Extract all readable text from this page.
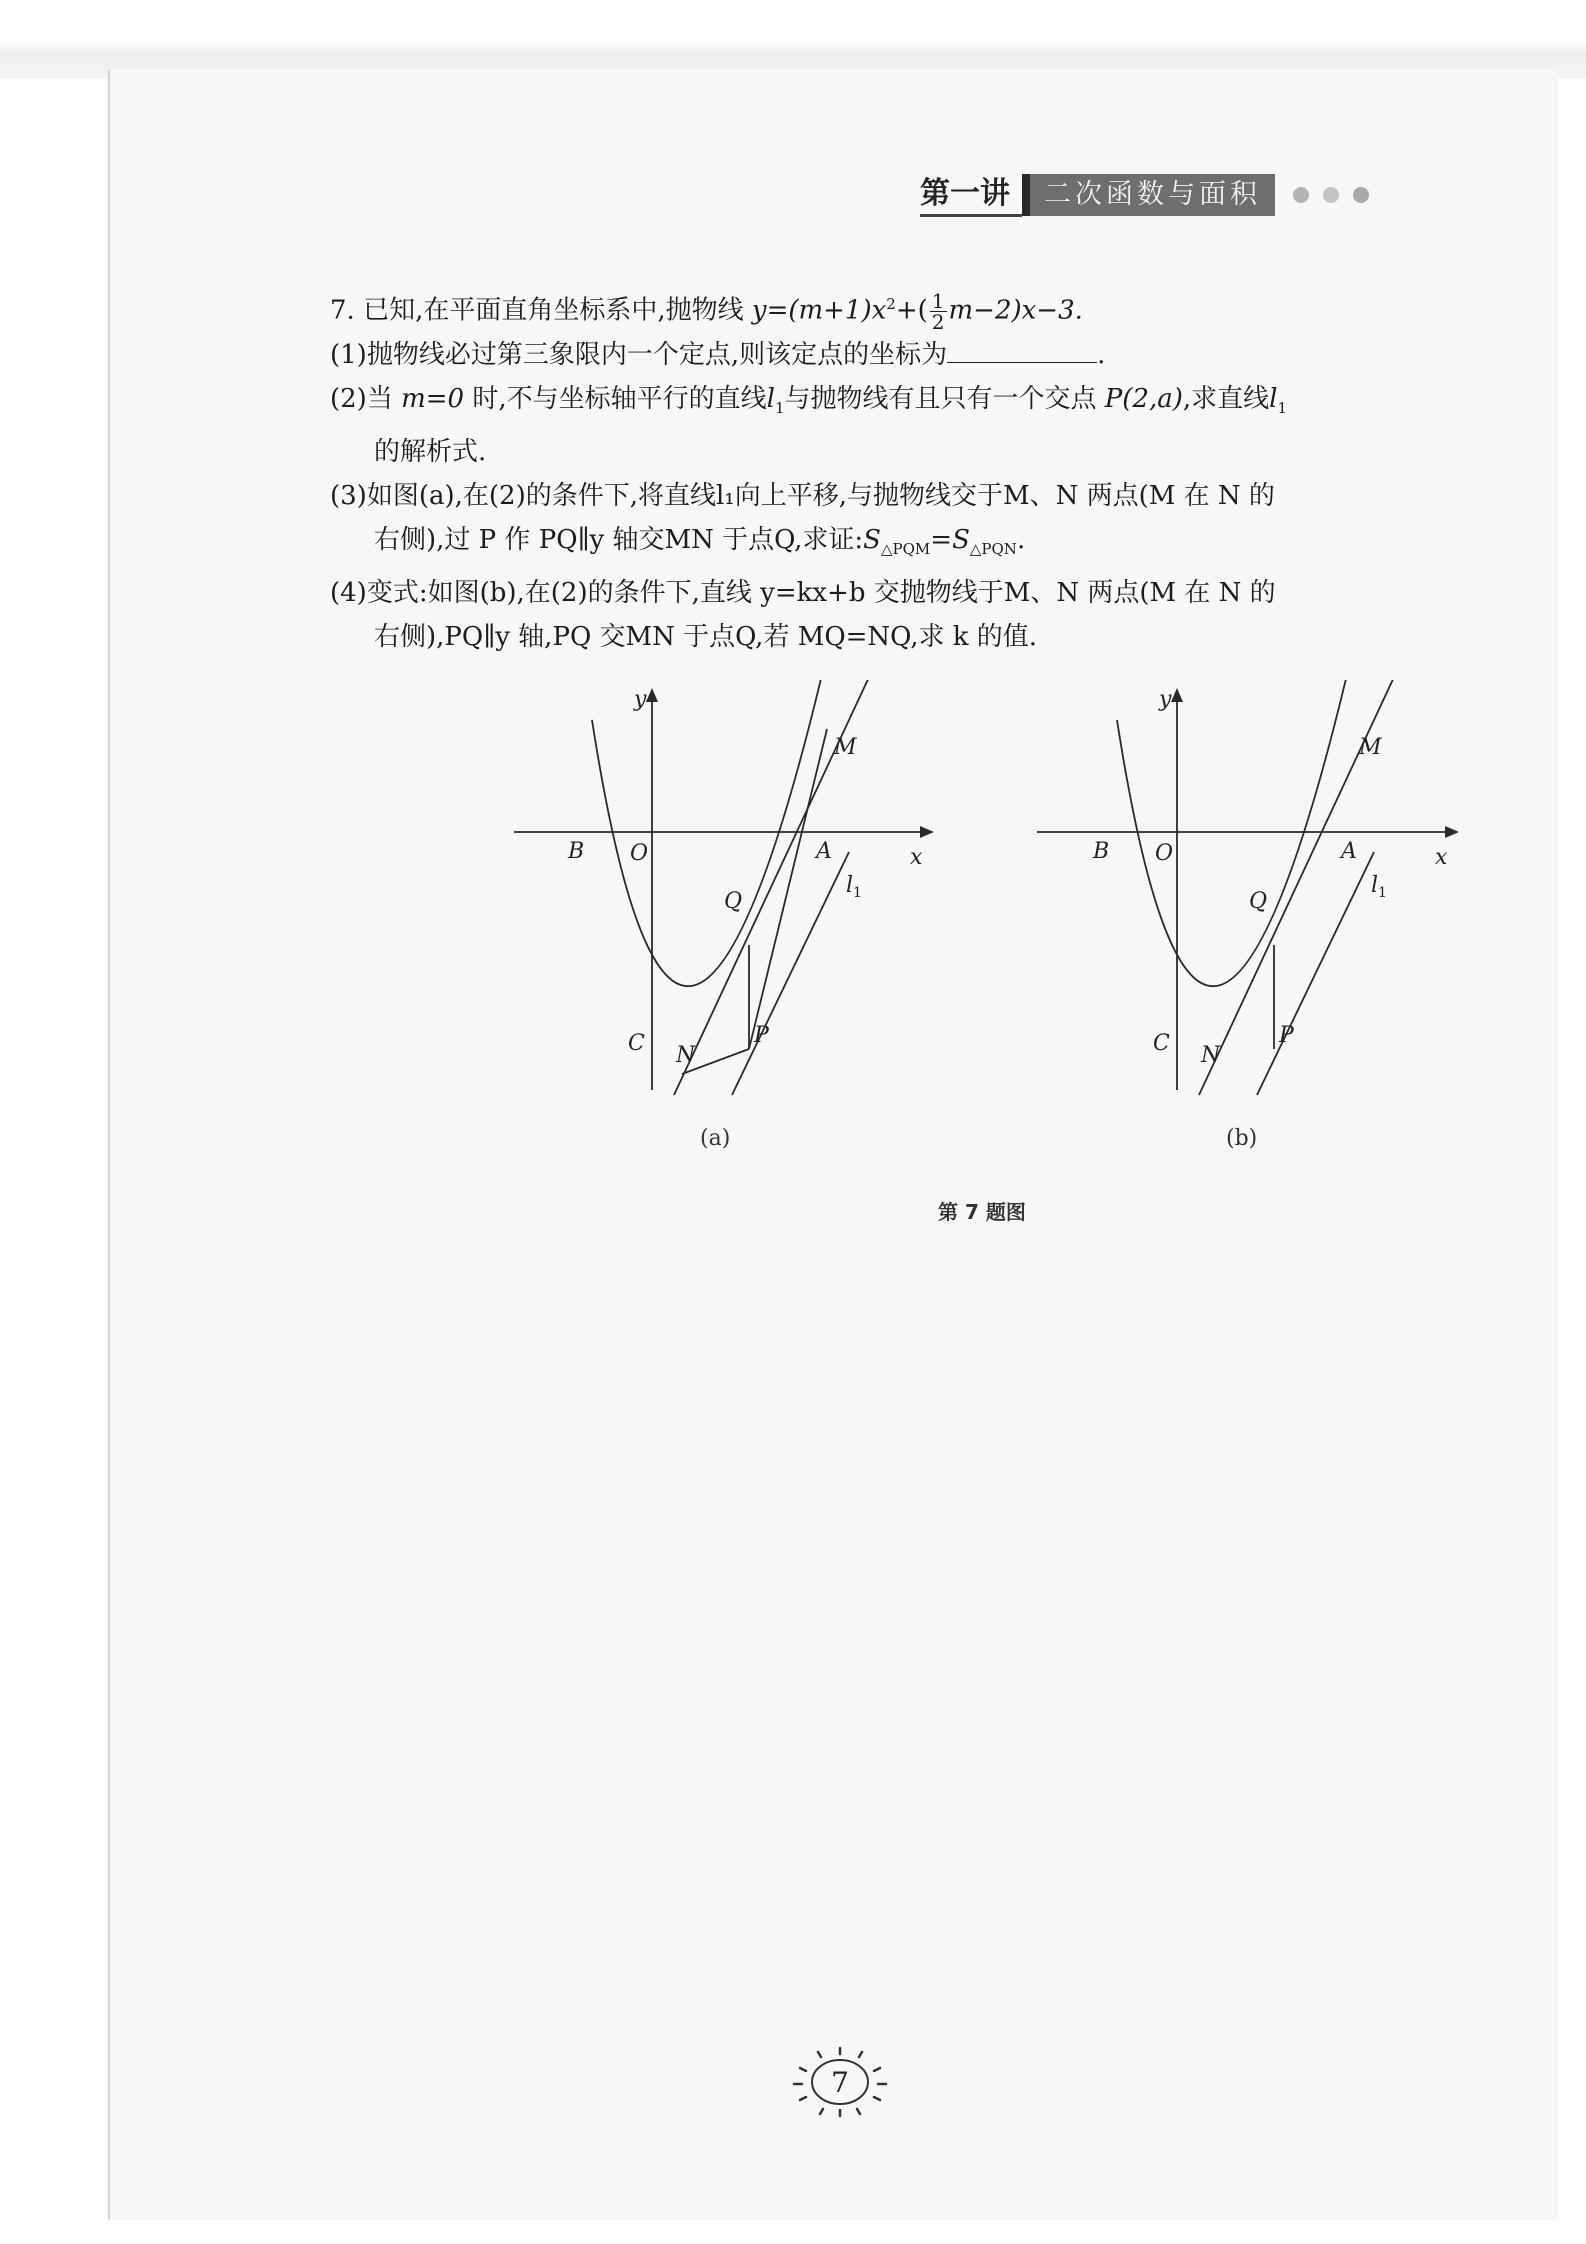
第一讲	二次函数与面积
7. 已知,在平面直角坐标系中,抛物线 $y=(m+1)x^2+( \frac{1}{2} m-2)x-3$.
(1)抛物线必过第三象限内一个定点,则该定点的坐标为	.
(2)当 m=0 时,不与坐标轴平行的直线$l_1$与抛物线有且只有一个交点 P(2,a),求直线$l_1$
的解析式.
(3)如图(a),在(2)的条件下,将直线l₁向上平移,与抛物线交于M、N 两点(M 在 N 的
右侧),过 P 作 PQ∥y 轴交MN 于点Q,求证$:S_{\triangle PQM}=S_{\triangle PQN}$.
(4)变式:如图(b),在(2)的条件下,直线 y=kx+b 交抛物线于M、N 两点(M 在 N 的
右侧),PQ∥y 轴,PQ 交MN 于点Q,若 MQ=NQ,求 k 的值.
y
x
O
B	A
C N
P
Q
M
$l_1$
y
x
O
B	A
C N
P
Q
M
$l_1$
(a)	(b)
第 7 题图
7
